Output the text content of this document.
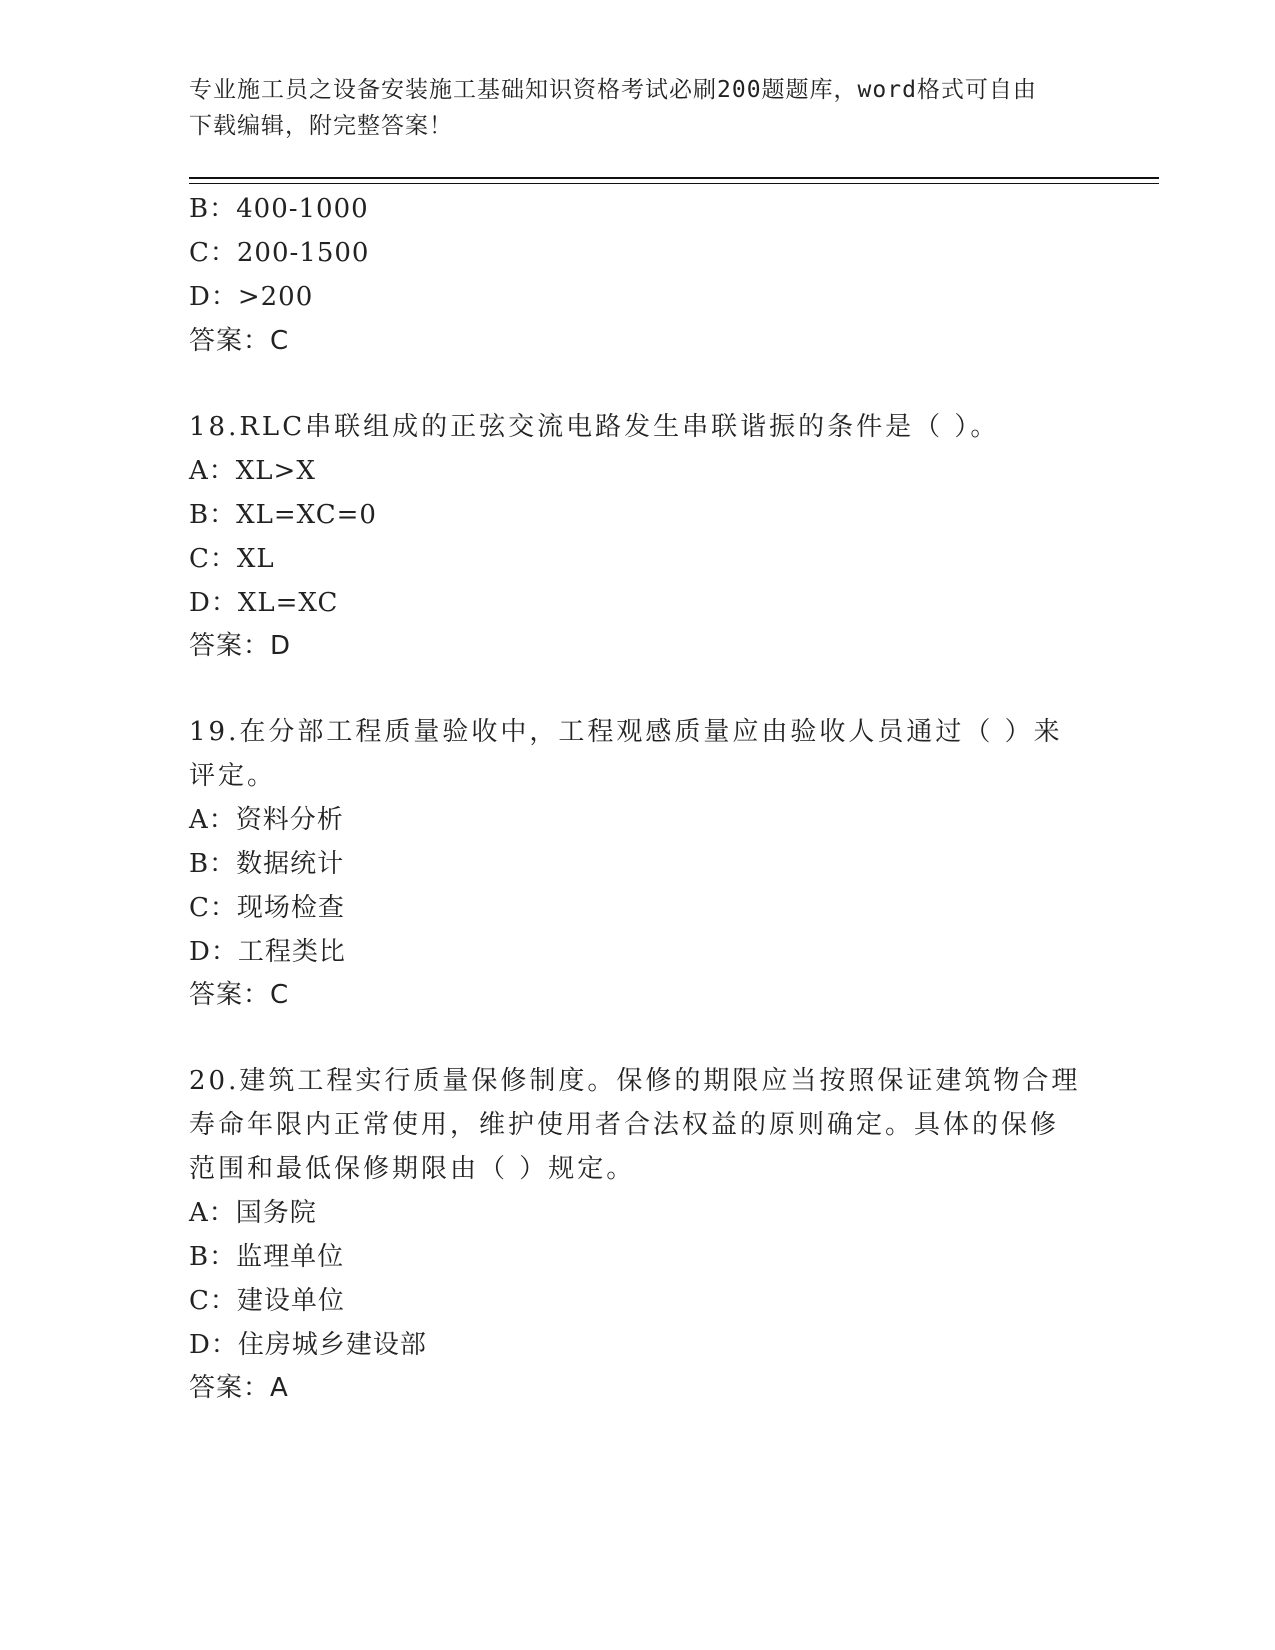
专业施工员之设备安装施工基础知识资格考试必刷200题题库，word格式可自由
下载编辑，附完整答案！
B：400-1000
C：200-1500
D：>200
答案：C
18.RLC串联组成的正弦交流电路发生串联谐振的条件是（ ）。
A：XL>X
B：XL=XC=0
C：XL
D：XL=XC
答案：D
19.在分部工程质量验收中，工程观感质量应由验收人员通过（ ）来
评定。
A：资料分析
B：数据统计
C：现场检查
D：工程类比
答案：C
20.建筑工程实行质量保修制度。保修的期限应当按照保证建筑物合理
寿命年限内正常使用，维护使用者合法权益的原则确定。具体的保修
范围和最低保修期限由（ ）规定。
A：国务院
B：监理单位
C：建设单位
D：住房城乡建设部
答案：A
